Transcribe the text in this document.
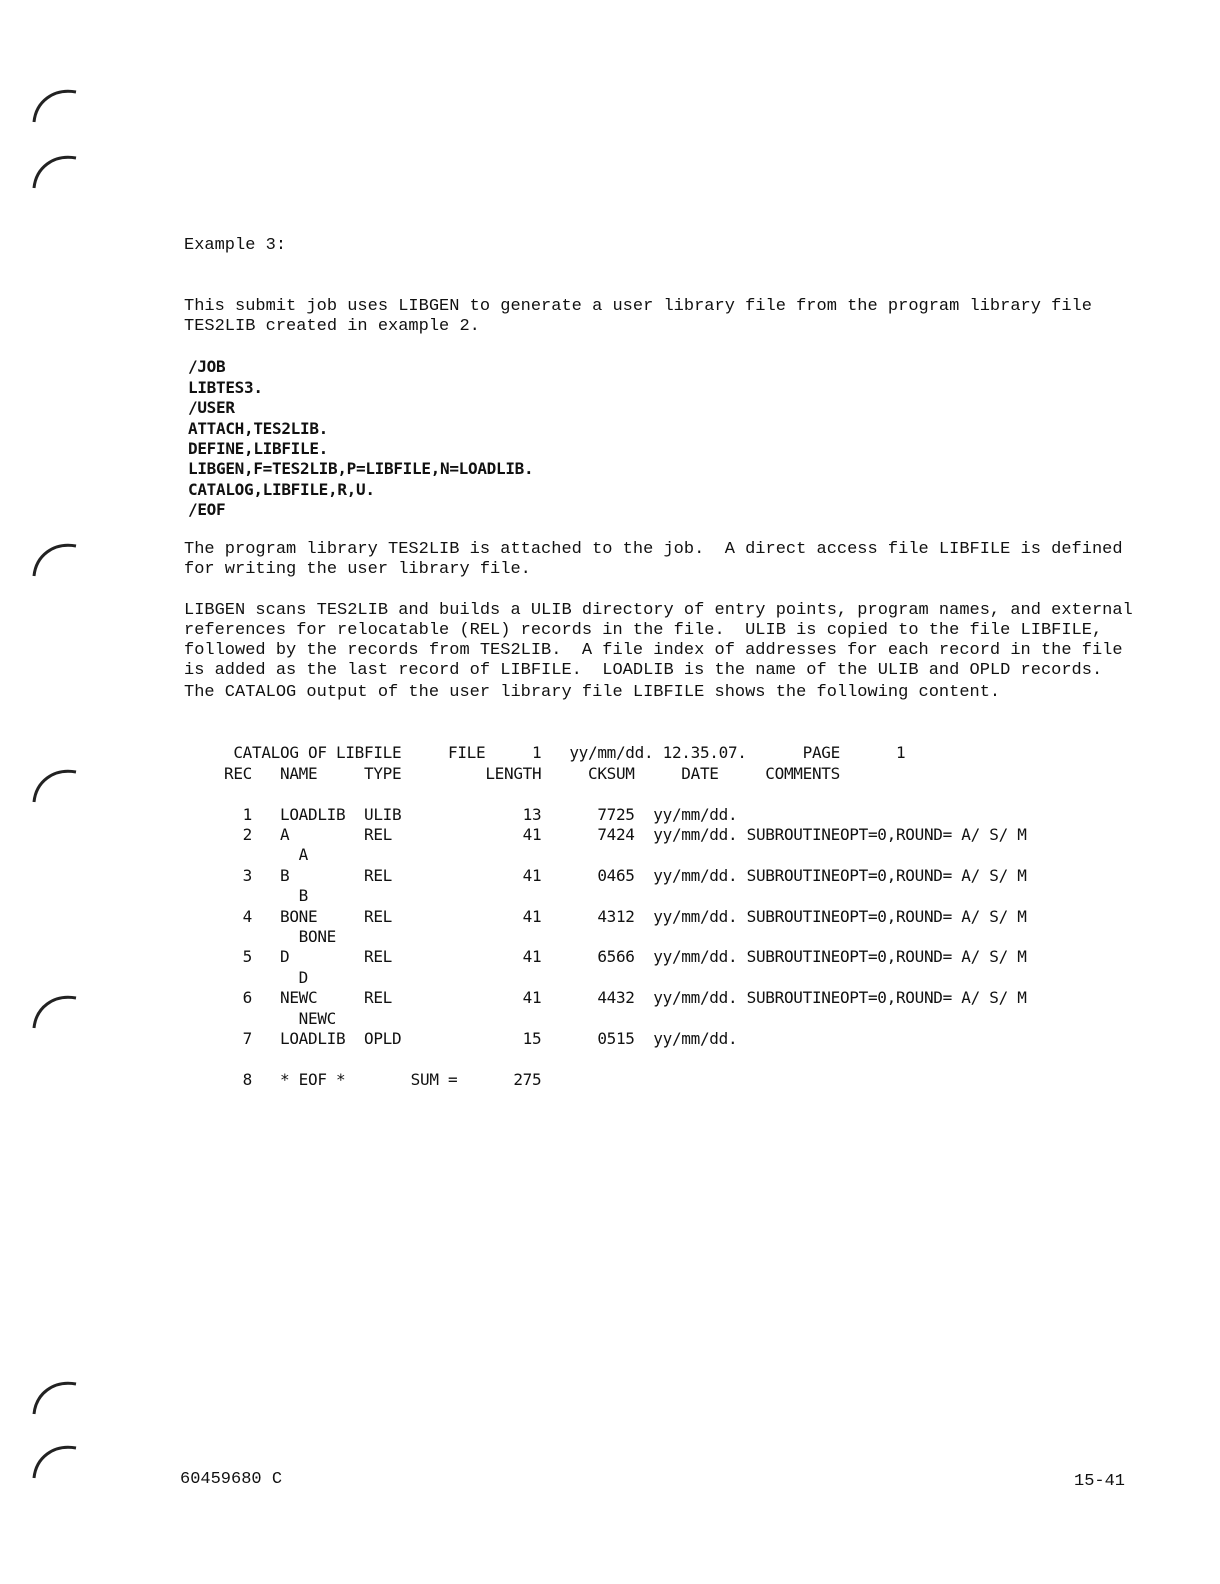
Example 3:

This submit job uses LIBGEN to generate a user library file from the program library file
TES2LIB created in example 2.

/JOB
LIBTES3.
/USER
ATTACH,TES2LIB.
DEFINE,LIBFILE.
LIBGEN,F=TES2LIB,P=LIBFILE,N=LOADLIB.
CATALOG,LIBFILE,R,U.
/EOF

The program library TES2LIB is attached to the job.  A direct access file LIBFILE is defined
for writing the user library file.

LIBGEN scans TES2LIB and builds a ULIB directory of entry points, program names, and external
references for relocatable (REL) records in the file.  ULIB is copied to the file LIBFILE,
followed by the records from TES2LIB.  A file index of addresses for each record in the file
is added as the last record of LIBFILE.  LOADLIB is the name of the ULIB and OPLD records.

The CATALOG output of the user library file LIBFILE shows the following content.

CATALOG OF LIBFILE     FILE     1   yy/mm/dd. 12.35.07.      PAGE      1
REC   NAME     TYPE         LENGTH     CKSUM     DATE     COMMENTS
1   LOADLIB  ULIB             13      7725  yy/mm/dd.
2   A        REL              41      7424  yy/mm/dd. SUBROUTINEOPT=0,ROUND= A/ S/ M
A
3   B        REL              41      0465  yy/mm/dd. SUBROUTINEOPT=0,ROUND= A/ S/ M
B
4   BONE     REL              41      4312  yy/mm/dd. SUBROUTINEOPT=0,ROUND= A/ S/ M
BONE
5   D        REL              41      6566  yy/mm/dd. SUBROUTINEOPT=0,ROUND= A/ S/ M
D
6   NEWC     REL              41      4432  yy/mm/dd. SUBROUTINEOPT=0,ROUND= A/ S/ M
NEWC
7   LOADLIB  OPLD             15      0515  yy/mm/dd.
8   * EOF *       SUM =      275

60459680 C	15-41
